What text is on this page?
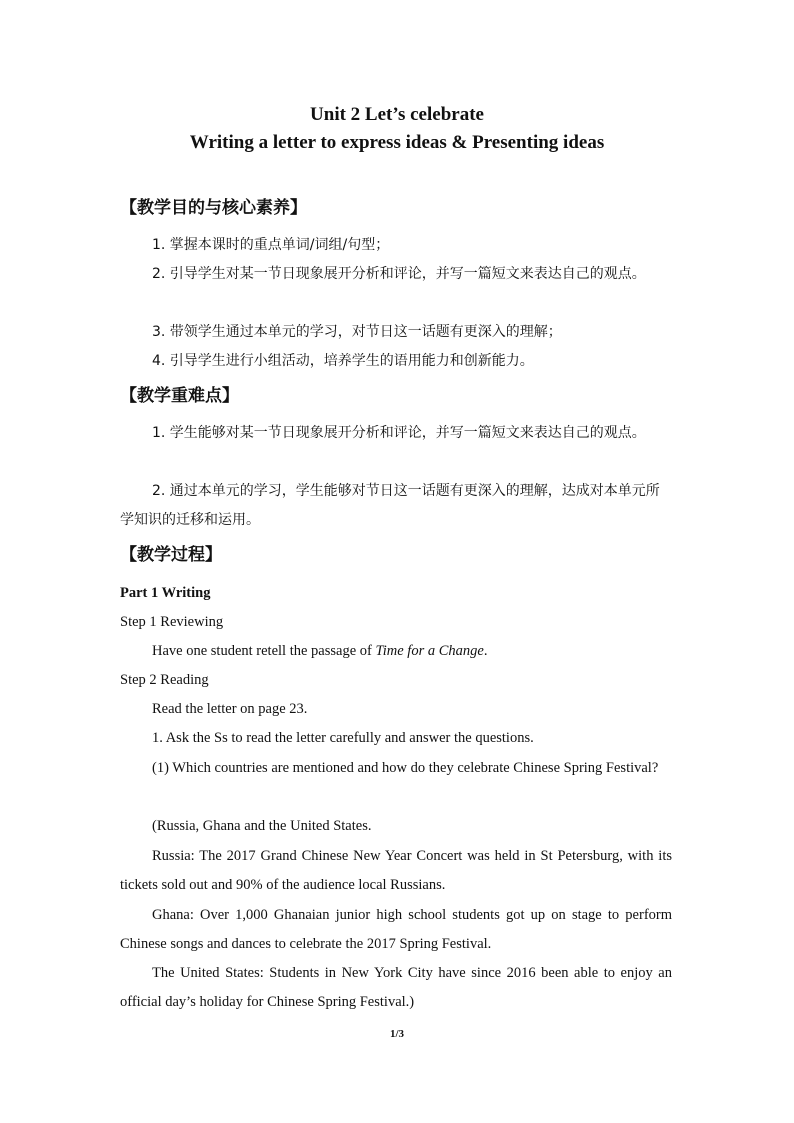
Unit 2 Let’s celebrate
Writing a letter to express ideas & Presenting ideas
【教学目的与核心素养】

1. 掌握本课时的重点单词/词组/句型；

2. 引导学生对某一节日现象展开分析和评论，并写一篇短文来表达自己的观点。

3. 带领学生通过本单元的学习，对节日这一话题有更深入的理解；

4. 引导学生进行小组活动，培养学生的语用能力和创新能力。

【教学重难点】

1. 学生能够对某一节日现象展开分析和评论，并写一篇短文来表达自己的观点。

2. 通过本单元的学习，学生能够对节日这一话题有更深入的理解，达成对本单元所学知识的迁移和运用。

【教学过程】

Part 1 Writing

Step 1 Reviewing

Have one student retell the passage of Time for a Change.

Step 2 Reading

Read the letter on page 23.

1. Ask the Ss to read the letter carefully and answer the questions.

(1) Which countries are mentioned and how do they celebrate Chinese Spring Festival?

(Russia, Ghana and the United States.

Russia: The 2017 Grand Chinese New Year Concert was held in St Petersburg, with its tickets sold out and 90% of the audience local Russians.

Ghana: Over 1,000 Ghanaian junior high school students got up on stage to perform Chinese songs and dances to celebrate the 2017 Spring Festival.

The United States: Students in New York City have since 2016 been able to enjoy an official day’s holiday for Chinese Spring Festival.)

1/3
